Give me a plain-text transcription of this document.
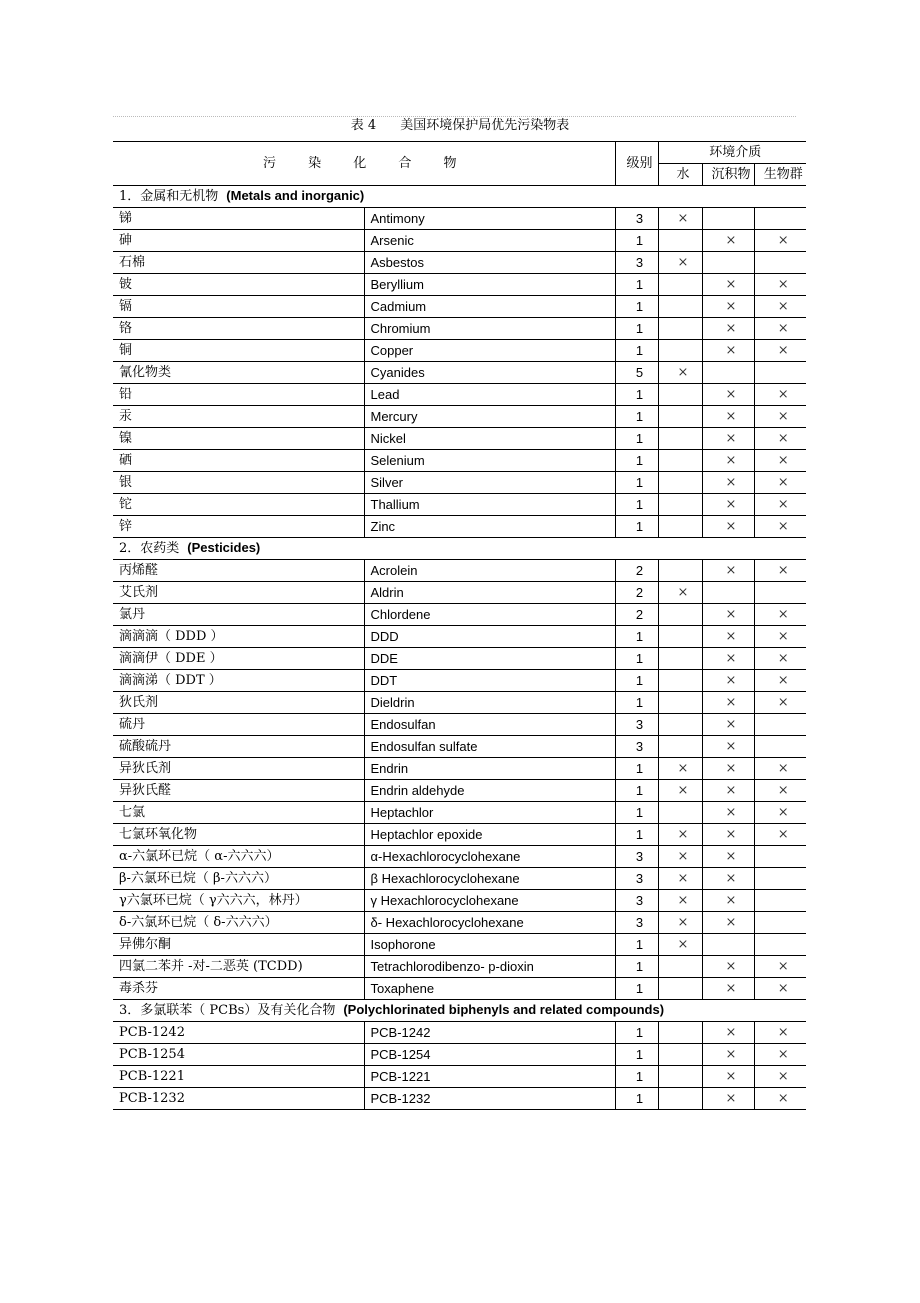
表 4 美国环境保护局优先污染物表
污 染 化 合 物		级别	环境介质		
			水	沉积物	生物群
1．金属和无机物 (Metals and inorganic)					
锑	Antimony	3	×		
砷	Arsenic	1		×	×
石棉	Asbestos	3	×		
铍	Beryllium	1		×	×
镉	Cadmium	1		×	×
铬	Chromium	1		×	×
铜	Copper	1		×	×
氰化物类	Cyanides	5	×		
铅	Lead	1		×	×
汞	Mercury	1		×	×
镍	Nickel	1		×	×
硒	Selenium	1		×	×
银	Silver	1		×	×
铊	Thallium	1		×	×
锌	Zinc	1		×	×
2．农药类 (Pesticides)					
丙烯醛	Acrolein	2		×	×
艾氏剂	Aldrin	2	×		
氯丹	Chlordene	2		×	×
滴滴滴（ DDD ）	DDD	1		×	×
滴滴伊（ DDE ）	DDE	1		×	×
滴滴涕（ DDT ）	DDT	1		×	×
狄氏剂	Dieldrin	1		×	×
硫丹	Endosulfan	3		×	
硫酸硫丹	Endosulfan sulfate	3		×	
异狄氏剂	Endrin	1	×	×	×
异狄氏醛	Endrin aldehyde	1	×	×	×
七氯	Heptachlor	1		×	×
七氯环氧化物	Heptachlor epoxide	1	×	×	×
α-六氯环已烷（ α-六六六）	α-Hexachlorocyclohexane	3	×	×	
β-六氯环已烷（ β-六六六）	β Hexachlorocyclohexane	3	×	×	
γ六氯环已烷（ γ六六六，林丹）	γ Hexachlorocyclohexane	3	×	×	
δ-六氯环已烷（ δ-六六六）	δ- Hexachlorocyclohexane	3	×	×	
异佛尔酮	Isophorone	1	×		
四氯二苯并 -对-二恶英 (TCDD)	Tetrachlorodibenzo- p-dioxin	1		×	×
毒杀芬	Toxaphene	1		×	×
3．多氯联苯（ PCBs）及有关化合物 (Polychlorinated biphenyls and related compounds)					
PCB-1242	PCB-1242	1		×	×
PCB-1254	PCB-1254	1		×	×
PCB-1221	PCB-1221	1		×	×
PCB-1232	PCB-1232	1		×	×
